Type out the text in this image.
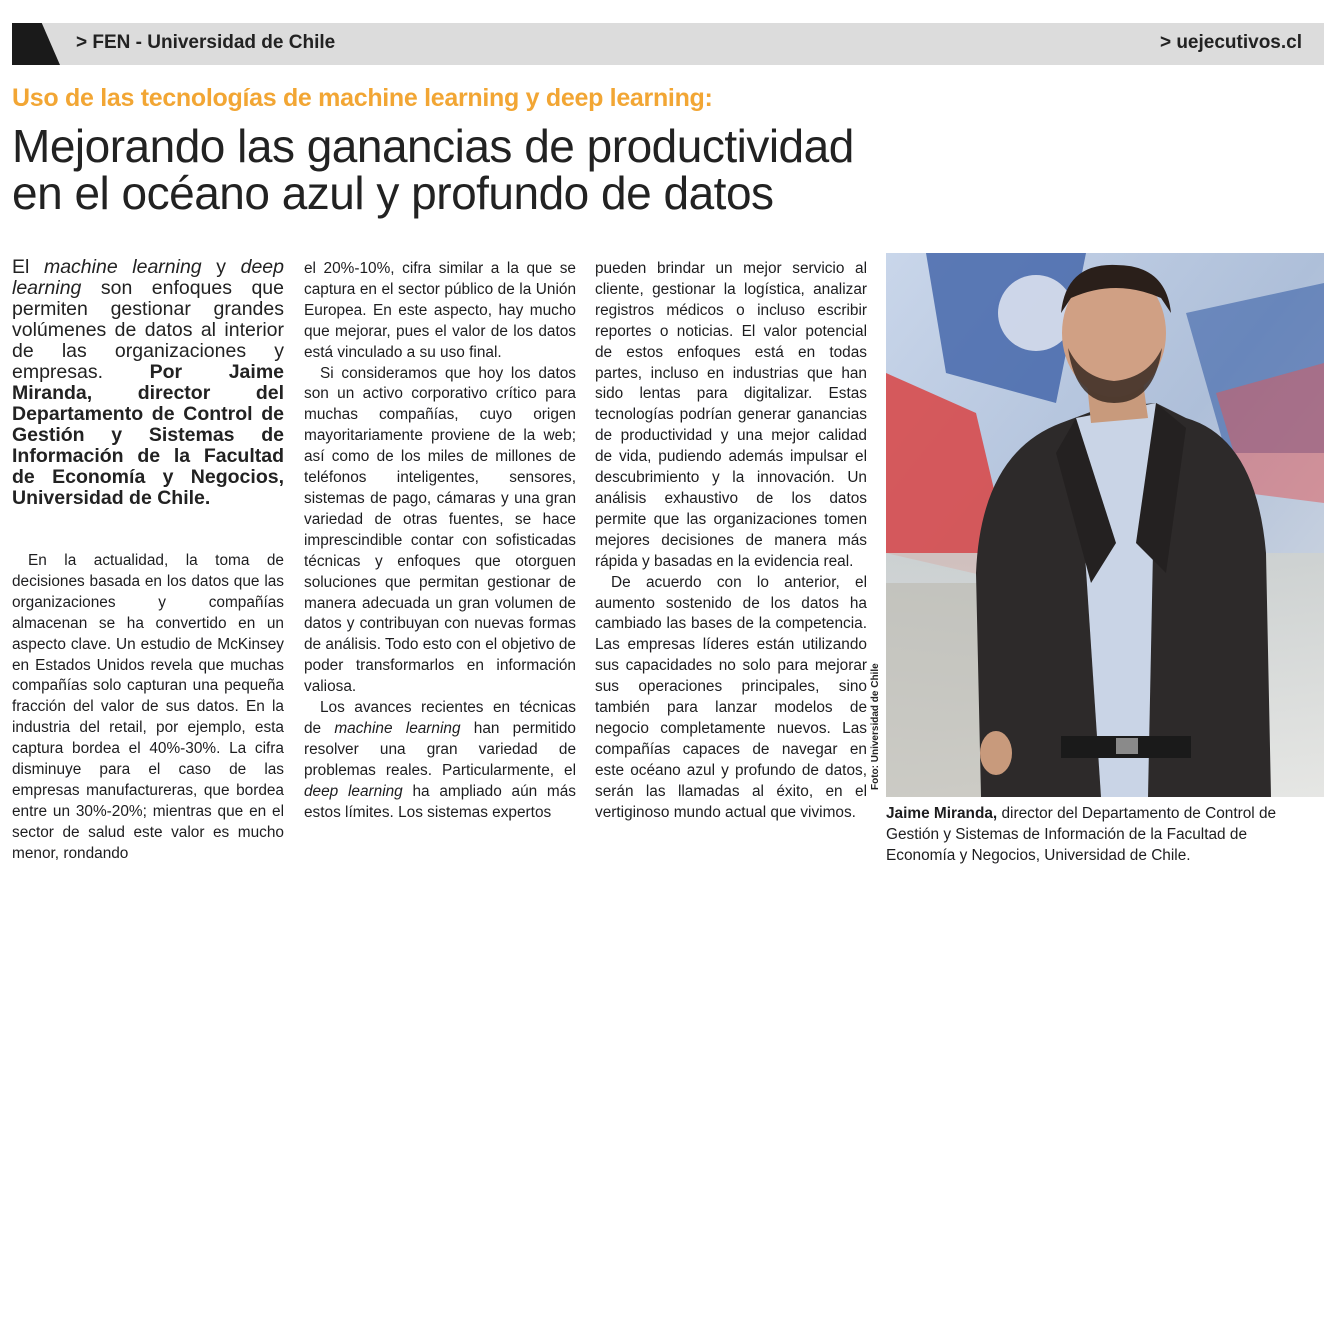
> FEN - Universidad de Chile	> uejecutivos.cl
Uso de las tecnologías de machine learning y deep learning:
Mejorando las ganancias de productividad
en el océano azul y profundo de datos

El machine learning y deep learning son enfoques que permiten gestionar grandes volúmenes de datos al interior de las organizaciones y empresas. Por Jaime Miranda, director del Departamento de Control de Gestión y Sistemas de Información de la Facultad de Economía y Negocios, Universidad de Chile.

En la actualidad, la toma de decisiones basada en los datos que las organizaciones y compañías almacenan se ha convertido en un aspecto clave. Un estudio de McKinsey en Estados Unidos revela que muchas compañías solo capturan una pequeña fracción del valor de sus datos. En la industria del retail, por ejemplo, esta captura bordea el 40%-30%. La cifra disminuye para el caso de las empresas manufactureras, que bordea entre un 30%-20%; mientras que en el sector de salud este valor es mucho menor, rondando

el 20%-10%, cifra similar a la que se captura en el sector público de la Unión Europea. En este aspecto, hay mucho que mejorar, pues el valor de los datos está vinculado a su uso final.

Si consideramos que hoy los datos son un activo corporativo crítico para muchas compañías, cuyo origen mayoritariamente proviene de la web; así como de los miles de millones de teléfonos inteligentes, sensores, sistemas de pago, cámaras y una gran variedad de otras fuentes, se hace imprescindible contar con sofisticadas técnicas y enfoques que otorguen soluciones que permitan gestionar de manera adecuada un gran volumen de datos y contribuyan con nuevas formas de análisis. Todo esto con el objetivo de poder transformarlos en información valiosa.

Los avances recientes en técnicas de machine learning han permitido resolver una gran variedad de problemas reales. Particularmente, el deep learning ha ampliado aún más estos límites. Los sistemas expertos

pueden brindar un mejor servicio al cliente, gestionar la logística, analizar registros médicos o incluso escribir reportes o noticias. El valor potencial de estos enfoques está en todas partes, incluso en industrias que han sido lentas para digitalizar. Estas tecnologías podrían generar ganancias de productividad y una mejor calidad de vida, pudiendo además impulsar el descubrimiento y la innovación. Un análisis exhaustivo de los datos permite que las organizaciones tomen mejores decisiones de manera más rápida y basadas en la evidencia real.

De acuerdo con lo anterior, el aumento sostenido de los datos ha cambiado las bases de la competencia. Las empresas líderes están utilizando sus capacidades no solo para mejorar sus operaciones principales, sino también para lanzar modelos de negocio completamente nuevos. Las compañías capaces de navegar en este océano azul y profundo de datos, serán las llamadas al éxito, en el vertiginoso mundo actual que vivimos.

Foto: Universidad de Chile
Jaime Miranda, director del Departamento de Control de Gestión y Sistemas de Información de la Facultad de Economía y Negocios, Universidad de Chile.
